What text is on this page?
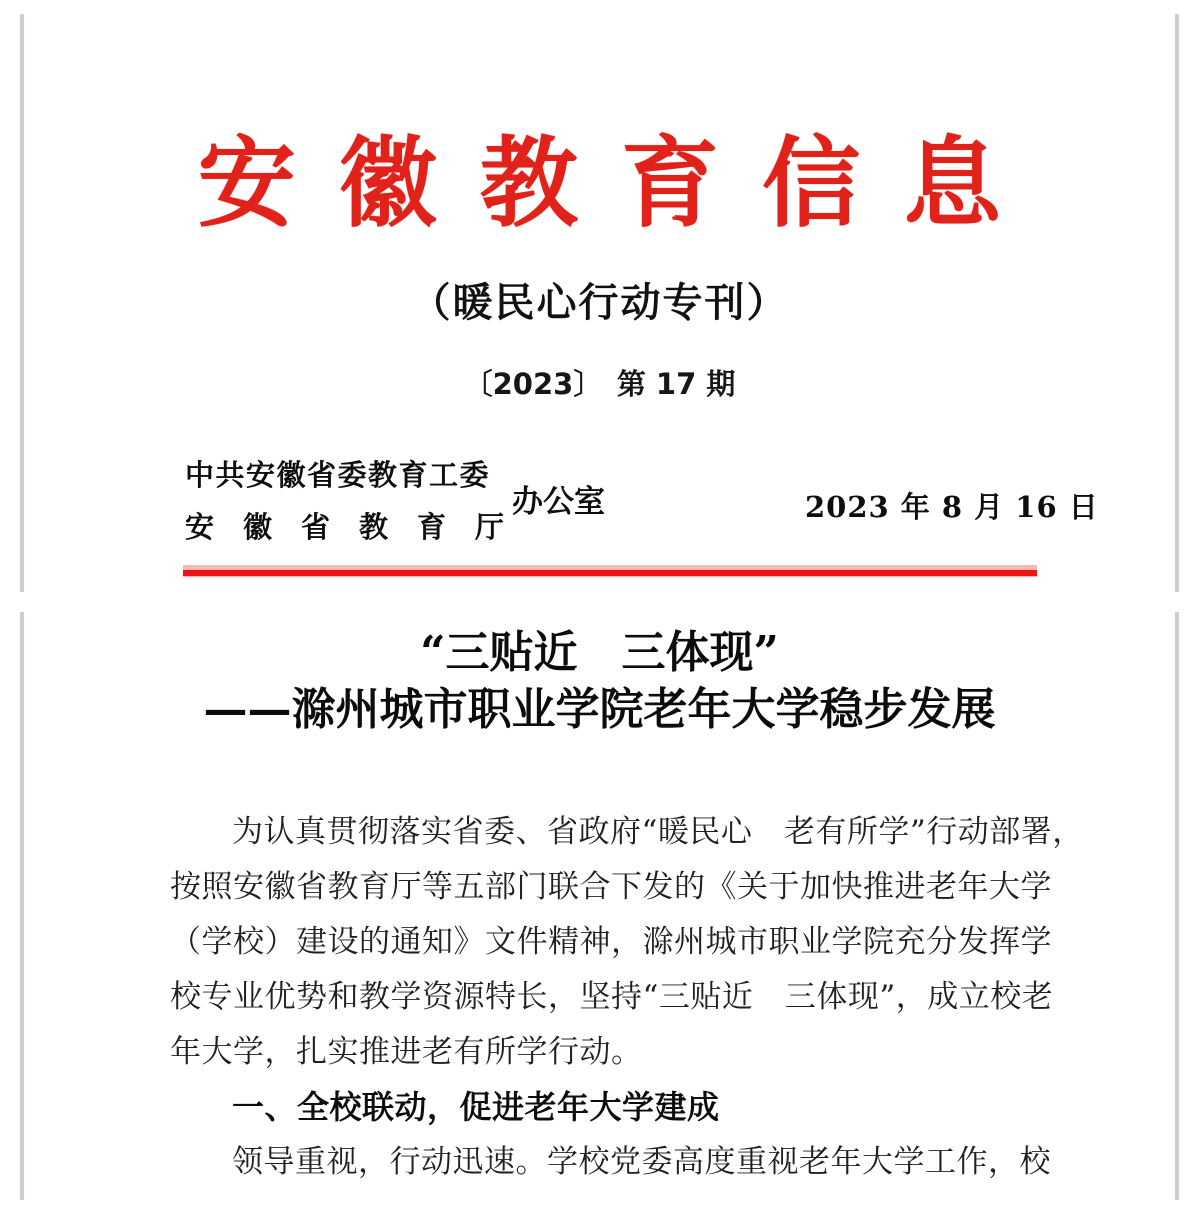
安徽教育信息
（暖民心行动专刊）
〔2023〕　第 17 期
中共安徽省委教育工委
安　徽　省　教　育　厅
办公室	2023 年 8 月 16 日
“三贴近　三体现”
——滁州城市职业学院老年大学稳步发展
为认真贯彻落实省委、省政府“暖民心　老有所学”行动部署，
按照安徽省教育厅等五部门联合下发的《关于加快推进老年大学
（学校）建设的通知》文件精神，滁州城市职业学院充分发挥学
校专业优势和教学资源特长，坚持“三贴近　三体现”，成立校老
年大学，扎实推进老有所学行动。
一、全校联动，促进老年大学建成
领导重视，行动迅速。学校党委高度重视老年大学工作，校
